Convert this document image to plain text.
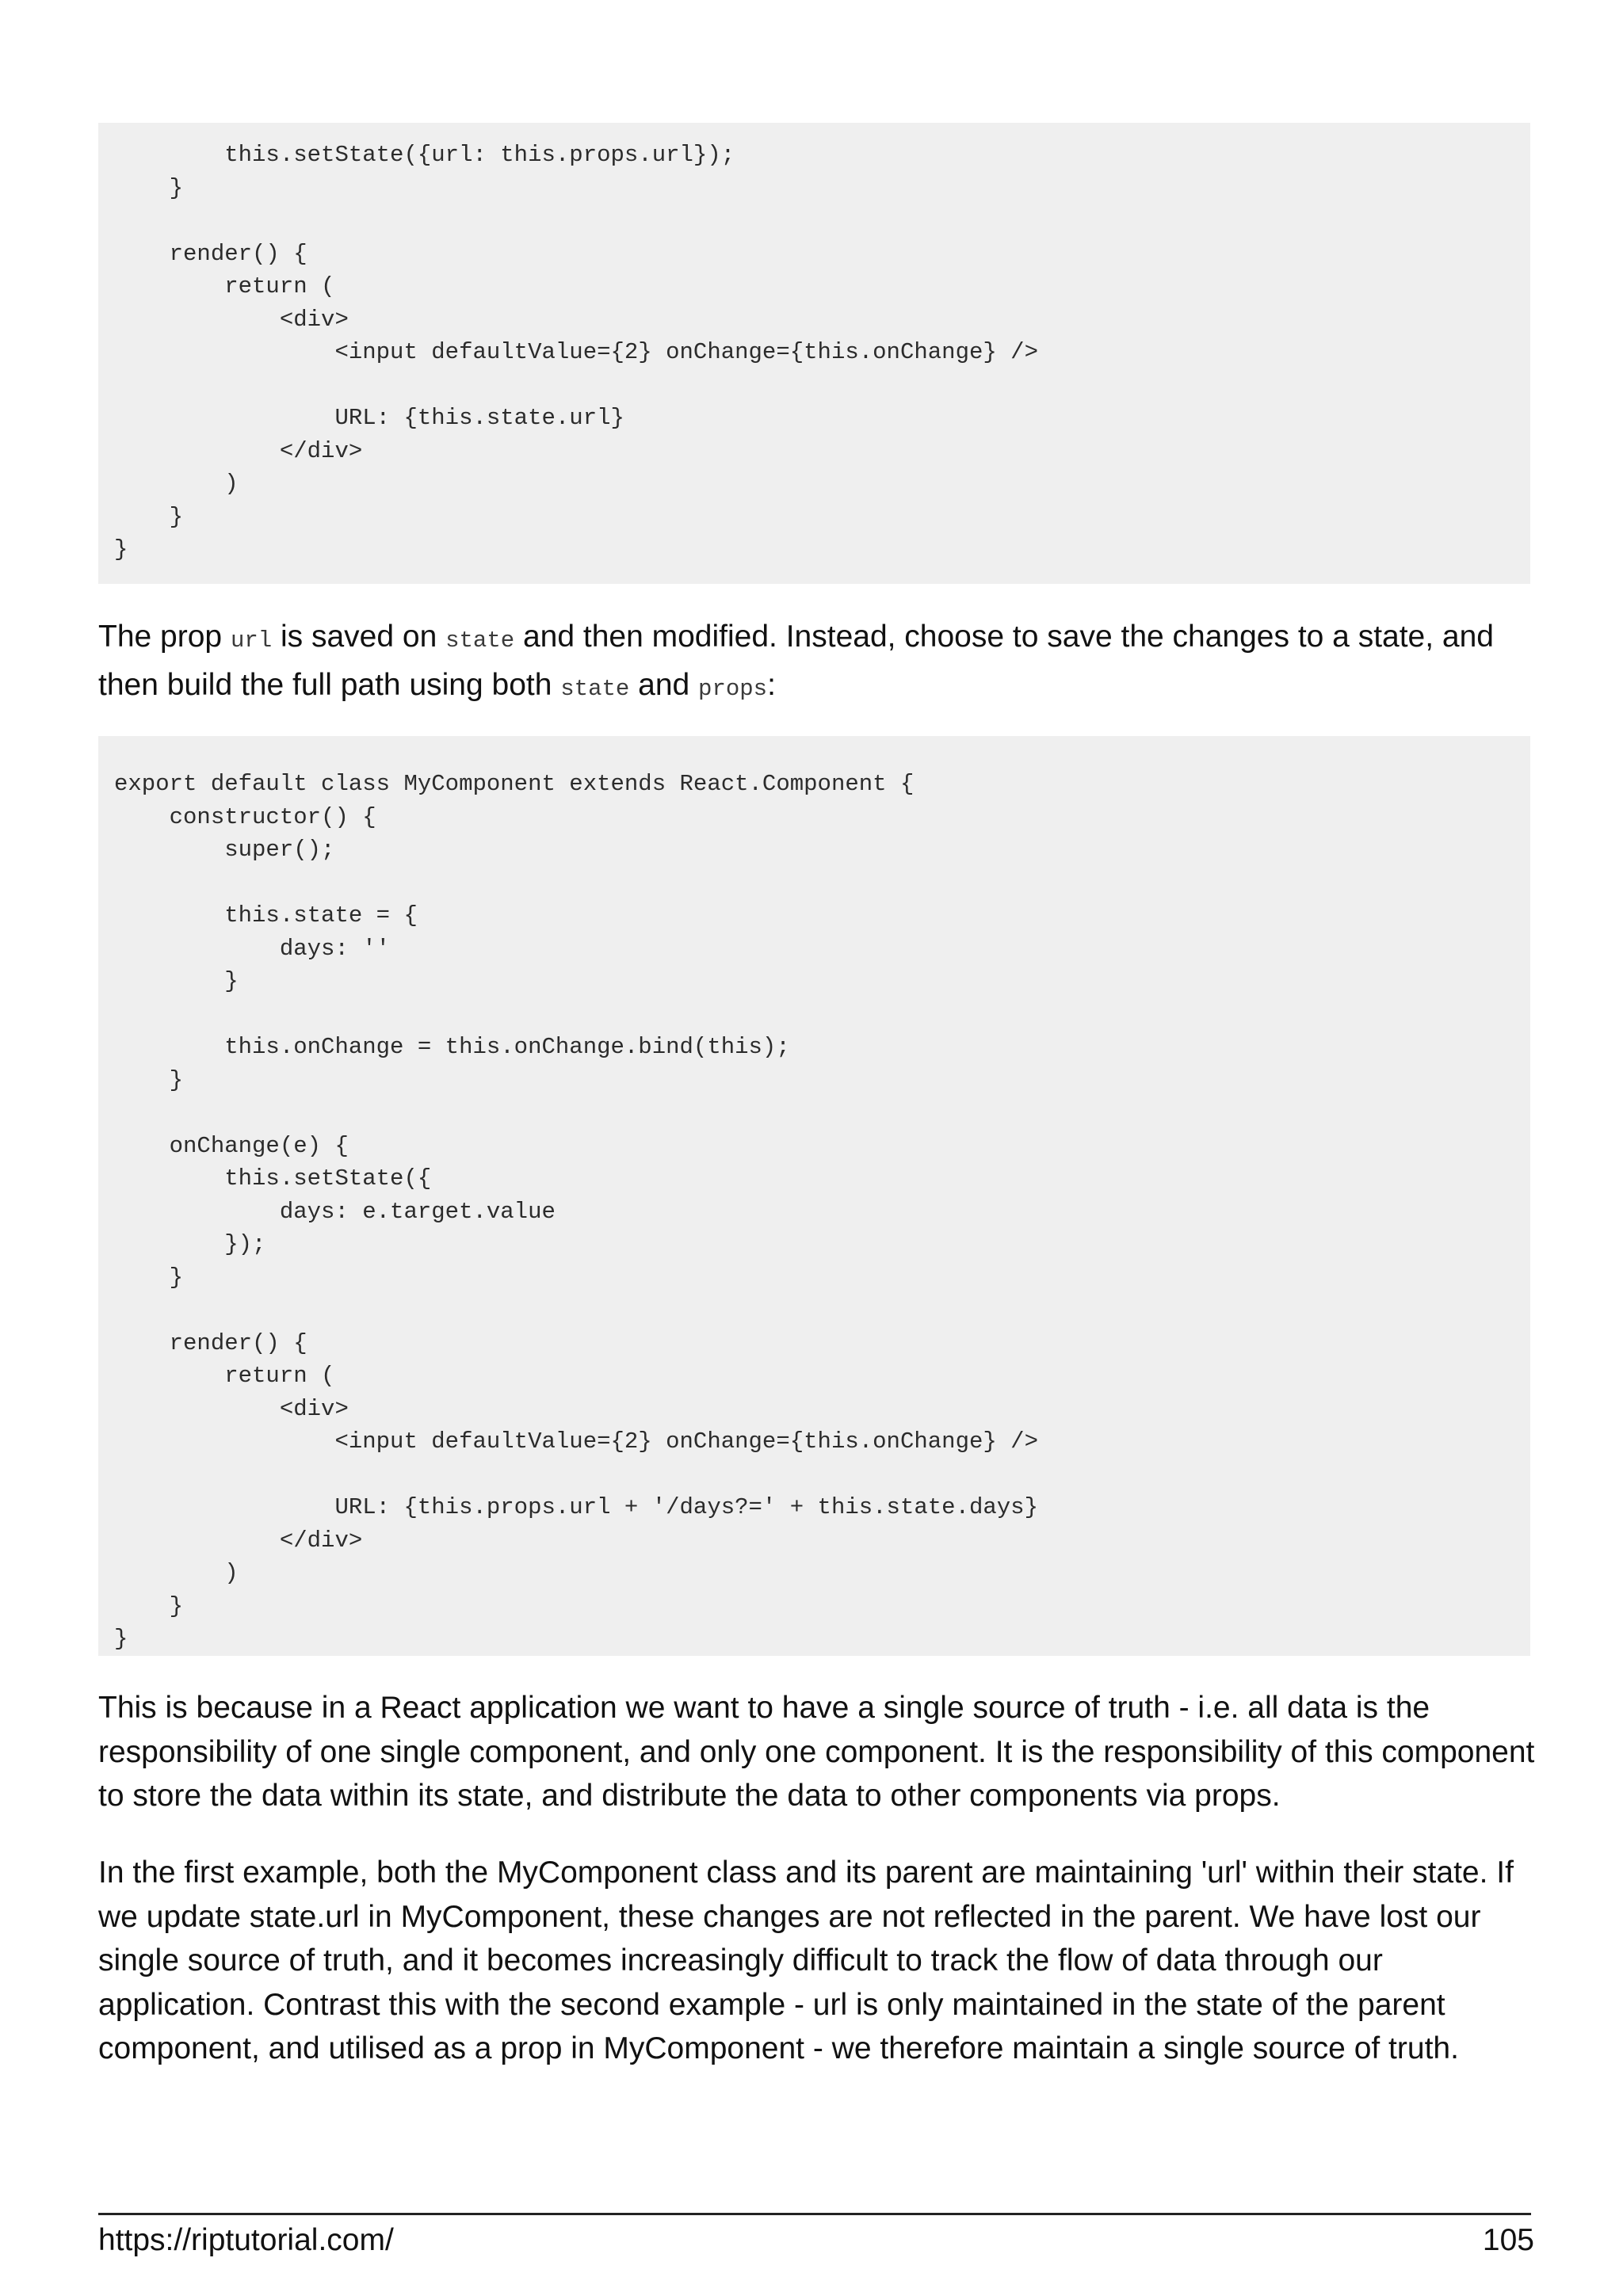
this.setState({url: this.props.url});
}

render() {
return (
<div>
<input defaultValue={2} onChange={this.onChange} />

URL: {this.state.url}
</div>
)
}
}

The prop url is saved on state and then modified. Instead, choose to save the changes to a state, and then build the full path using both state and props:

export default class MyComponent extends React.Component {
constructor() {
super();

this.state = {
days: ''
}

this.onChange = this.onChange.bind(this);
}

onChange(e) {
this.setState({
days: e.target.value
});
}

render() {
return (
<div>
<input defaultValue={2} onChange={this.onChange} />

URL: {this.props.url + '/days?=' + this.state.days}
</div>
)
}
}

This is because in a React application we want to have a single source of truth - i.e. all data is the responsibility of one single component, and only one component. It is the responsibility of this component to store the data within its state, and distribute the data to other components via props.

In the first example, both the MyComponent class and its parent are maintaining 'url' within their state. If we update state.url in MyComponent, these changes are not reflected in the parent. We have lost our single source of truth, and it becomes increasingly difficult to track the flow of data through our application. Contrast this with the second example - url is only maintained in the state of the parent component, and utilised as a prop in MyComponent - we therefore maintain a single source of truth.

https://riptutorial.com/	105
